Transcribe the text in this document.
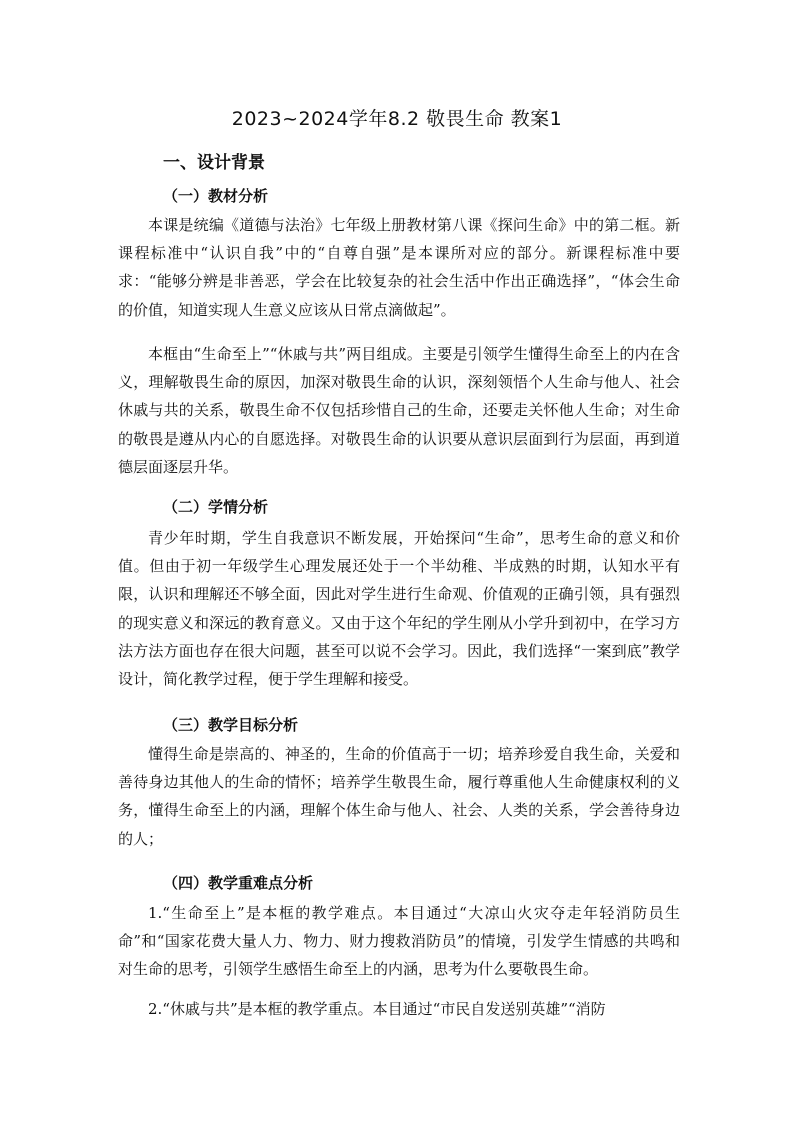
2023~2024学年8.2 敬畏生命 教案1
一、设计背景
（一）教材分析

本课是统编《道德与法治》七年级上册教材第八课《探问生命》中的第二框。新课程标准中“认识自我”中的“自尊自强”是本课所对应的部分。新课程标准中要求：“能够分辨是非善恶，学会在比较复杂的社会生活中作出正确选择”，“体会生命的价值，知道实现人生意义应该从日常点滴做起”。

本框由“生命至上”“休戚与共”两目组成。主要是引领学生懂得生命至上的内在含义，理解敬畏生命的原因，加深对敬畏生命的认识，深刻领悟个人生命与他人、社会休戚与共的关系，敬畏生命不仅包括珍惜自己的生命，还要走关怀他人生命；对生命的敬畏是遵从内心的自愿选择。对敬畏生命的认识要从意识层面到行为层面，再到道德层面逐层升华。

（二）学情分析

青少年时期，学生自我意识不断发展，开始探问“生命”，思考生命的意义和价值。但由于初一年级学生心理发展还处于一个半幼稚、半成熟的时期，认知水平有限，认识和理解还不够全面，因此对学生进行生命观、价值观的正确引领，具有强烈的现实意义和深远的教育意义。又由于这个年纪的学生刚从小学升到初中，在学习方法方法方面也存在很大问题，甚至可以说不会学习。因此，我们选择“一案到底”教学设计，简化教学过程，便于学生理解和接受。

（三）教学目标分析

懂得生命是崇高的、神圣的，生命的价值高于一切；培养珍爱自我生命，关爱和善待身边其他人的生命的情怀；培养学生敬畏生命，履行尊重他人生命健康权利的义务，懂得生命至上的内涵，理解个体生命与他人、社会、人类的关系，学会善待身边的人；

（四）教学重难点分析

1.“生命至上”是本框的教学难点。本目通过“大凉山火灾夺走年轻消防员生命”和“国家花费大量人力、物力、财力搜救消防员”的情境，引发学生情感的共鸣和对生命的思考，引领学生感悟生命至上的内涵，思考为什么要敬畏生命。

2.“休戚与共”是本框的教学重点。本目通过“市民自发送别英雄”“消防
